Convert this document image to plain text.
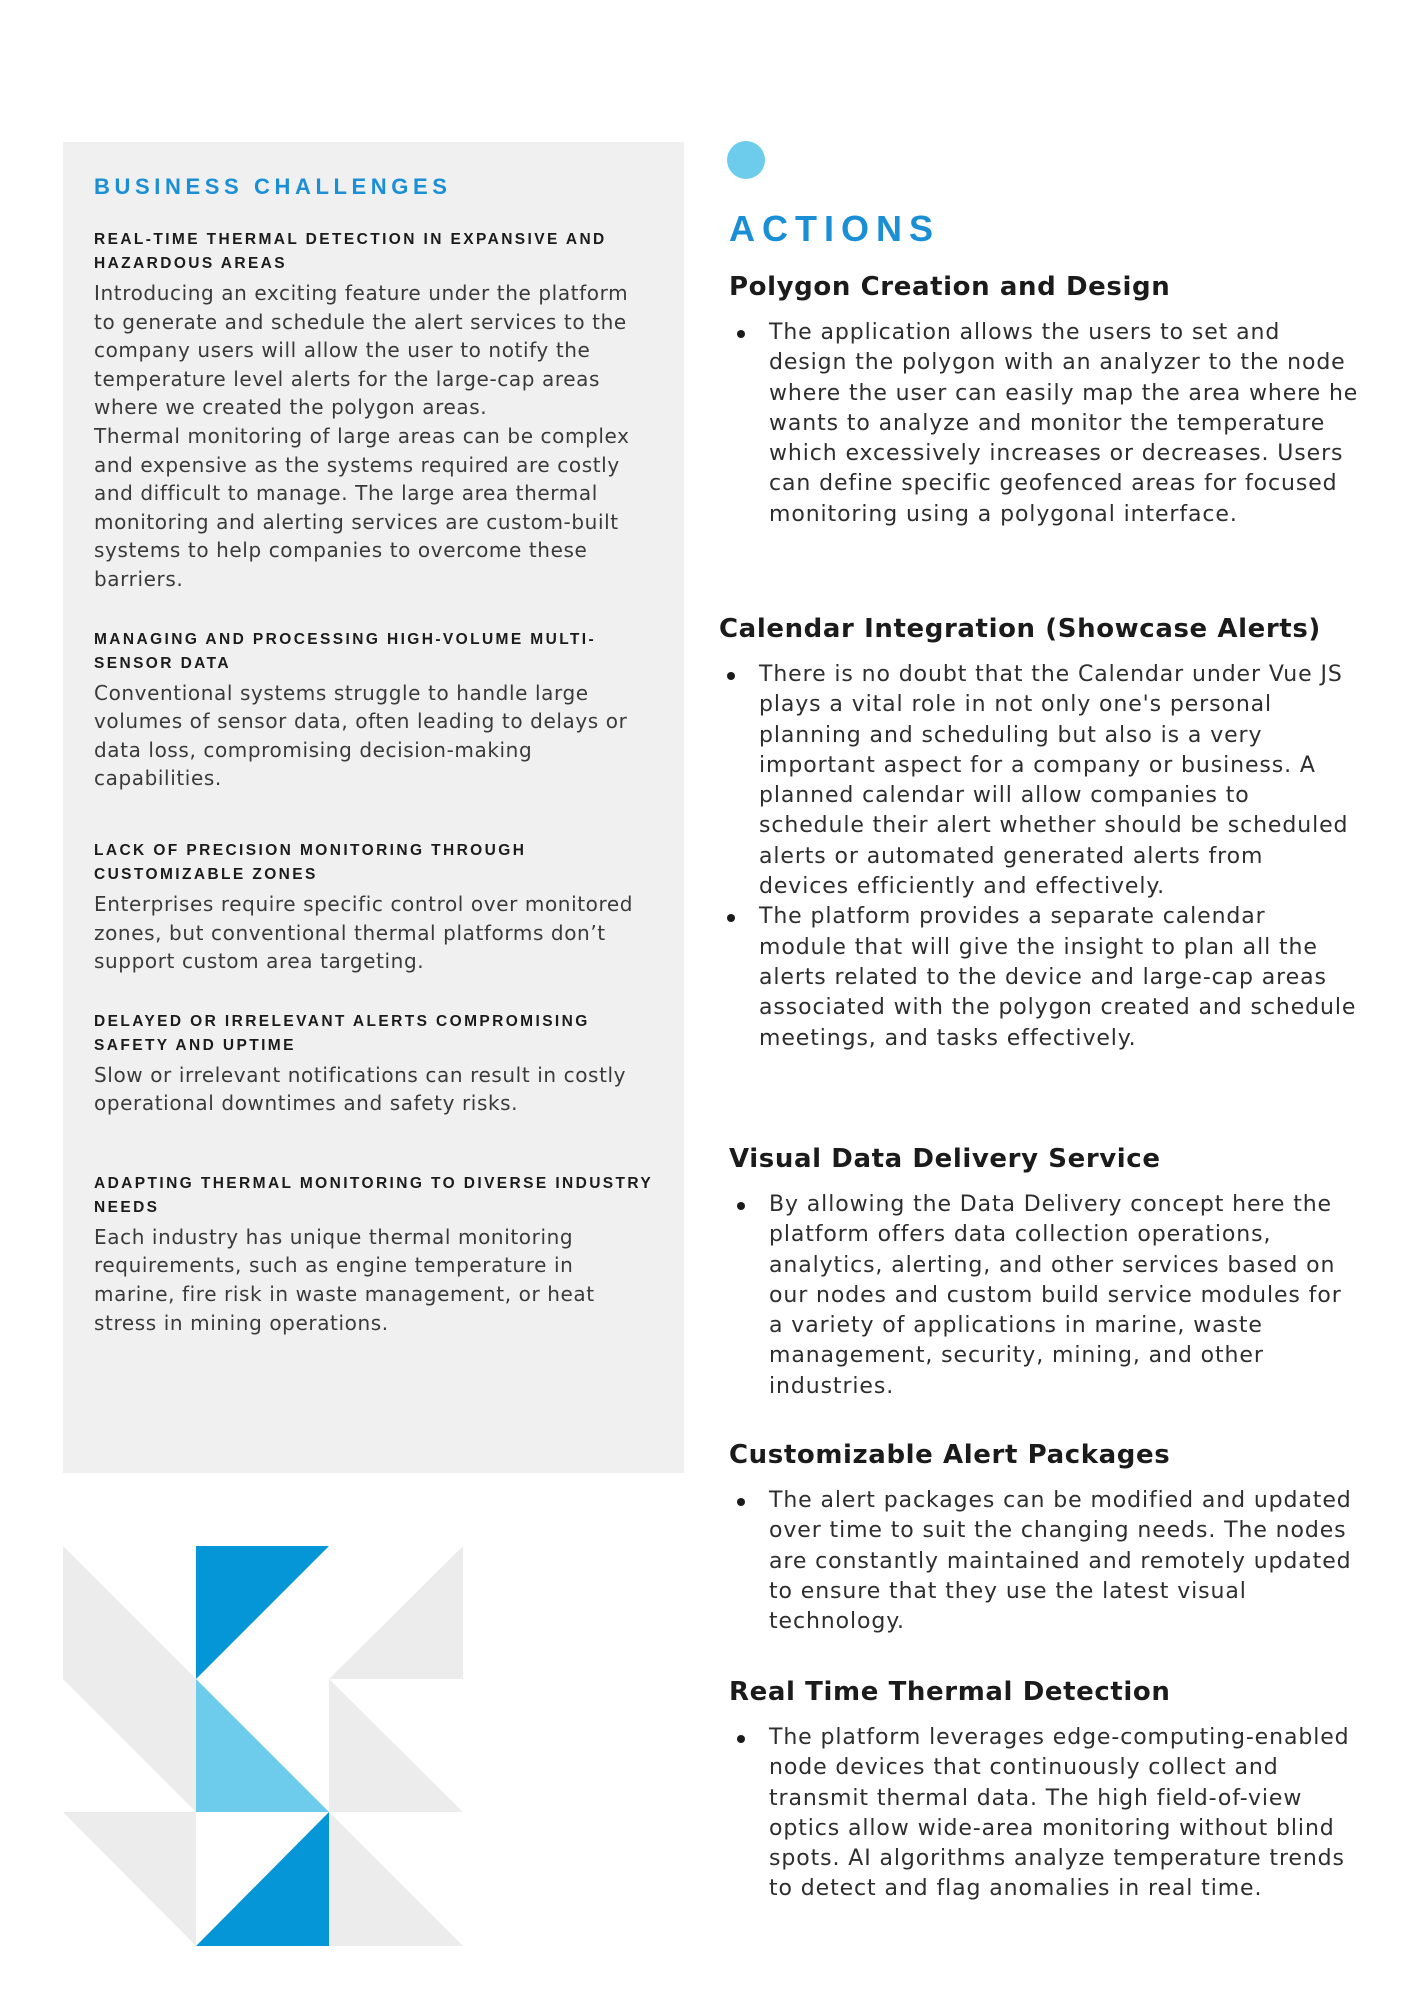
BUSINESS CHALLENGES
REAL-TIME THERMAL DETECTION IN EXPANSIVE AND HAZARDOUS AREAS

Introducing an exciting feature under the platform to generate and schedule the alert services to the company users will allow the user to notify the temperature level alerts for the large-cap areas where we created the polygon areas.

Thermal monitoring of large areas can be complex and expensive as the systems required are costly and difficult to manage. The large area thermal monitoring and alerting services are custom-built systems to help companies to overcome these barriers.

MANAGING AND PROCESSING HIGH-VOLUME MULTI-SENSOR DATA

Conventional systems struggle to handle large volumes of sensor data, often leading to delays or data loss, compromising decision-making capabilities.

LACK OF PRECISION MONITORING THROUGH CUSTOMIZABLE ZONES

Enterprises require specific control over monitored zones, but conventional thermal platforms don’t support custom area targeting.

DELAYED OR IRRELEVANT ALERTS COMPROMISING SAFETY AND UPTIME

Slow or irrelevant notifications can result in costly operational downtimes and safety risks.

ADAPTING THERMAL MONITORING TO DIVERSE INDUSTRY NEEDS

Each industry has unique thermal monitoring requirements, such as engine temperature in marine, fire risk in waste management, or heat stress in mining operations.

ACTIONS
Polygon Creation and Design
The application allows the users to set and design the polygon with an analyzer to the node where the user can easily map the area where he wants to analyze and monitor the temperature which excessively increases or decreases. Users can define specific geofenced areas for focused monitoring using a polygonal interface.
Calendar Integration (Showcase Alerts)
There is no doubt that the Calendar under Vue JS plays a vital role in not only one's personal planning and scheduling but also is a very important aspect for a company or business. A planned calendar will allow companies to schedule their alert whether should be scheduled alerts or automated generated alerts from devices efficiently and effectively.
The platform provides a separate calendar module that will give the insight to plan all the alerts related to the device and large-cap areas associated with the polygon created and schedule meetings, and tasks effectively.
Visual Data Delivery Service
By allowing the Data Delivery concept here the platform offers data collection operations, analytics, alerting, and other services based on our nodes and custom build service modules for a variety of applications in marine, waste management, security, mining, and other industries.
Customizable Alert Packages
The alert packages can be modified and updated over time to suit the changing needs. The nodes are constantly maintained and remotely updated to ensure that they use the latest visual technology.
Real Time Thermal Detection
The platform leverages edge-computing-enabled node devices that continuously collect and transmit thermal data. The high field-of-view optics allow wide-area monitoring without blind spots. AI algorithms analyze temperature trends to detect and flag anomalies in real time.
